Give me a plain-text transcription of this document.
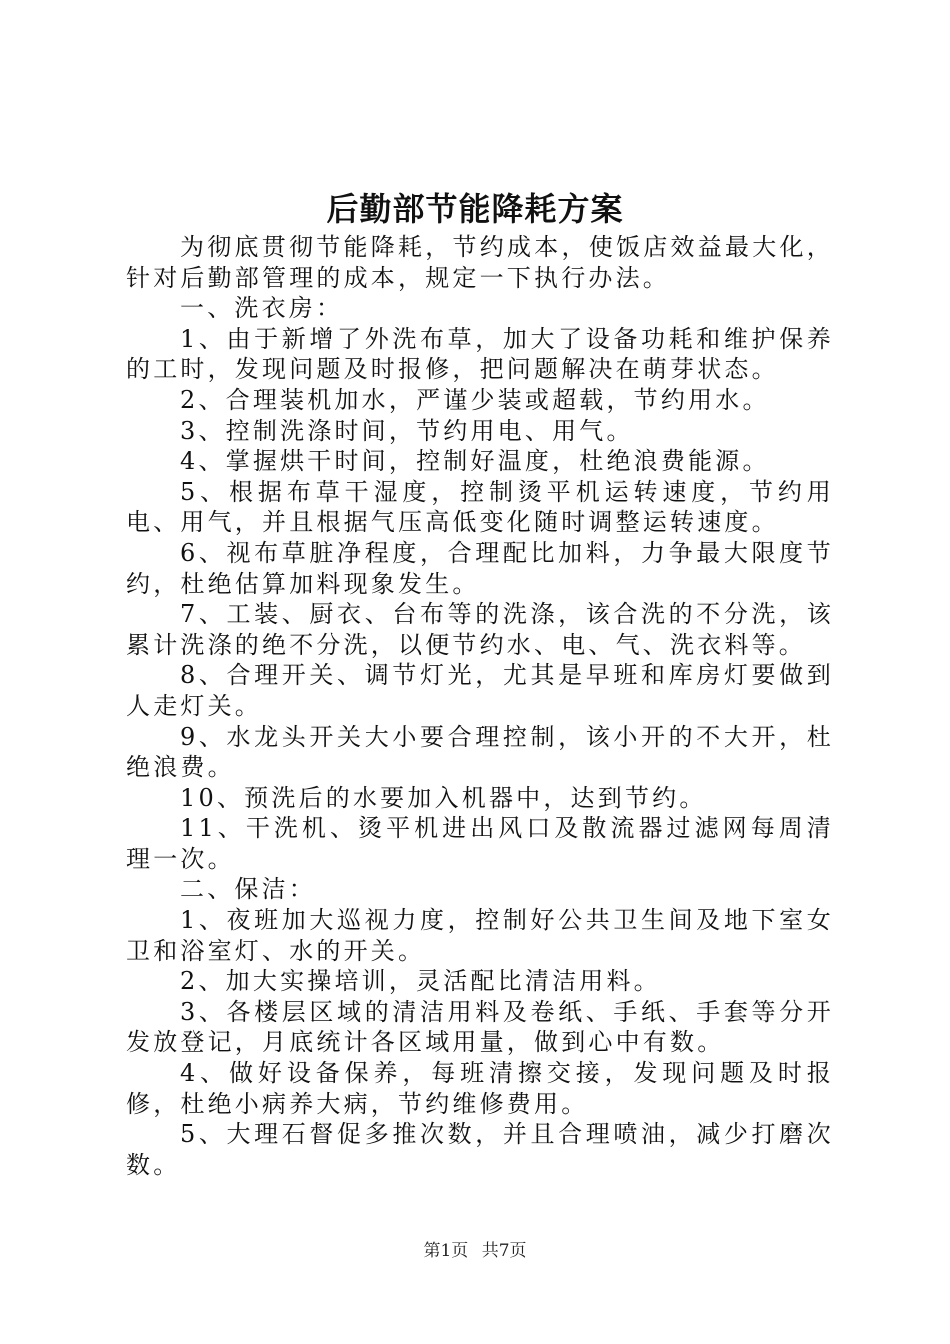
后勤部节能降耗方案

为彻底贯彻节能降耗，节约成本，使饭店效益最大化，针对后勤部管理的成本，规定一下执行办法。

一、洗衣房：

1、由于新增了外洗布草，加大了设备功耗和维护保养的工时，发现问题及时报修，把问题解决在萌芽状态。

2、合理装机加水，严谨少装或超载，节约用水。

3、控制洗涤时间，节约用电、用气。

4、掌握烘干时间，控制好温度，杜绝浪费能源。

5、根据布草干湿度，控制烫平机运转速度，节约用电、用气，并且根据气压高低变化随时调整运转速度。

6、视布草脏净程度，合理配比加料，力争最大限度节约，杜绝估算加料现象发生。

7、工装、厨衣、台布等的洗涤，该合洗的不分洗，该累计洗涤的绝不分洗，以便节约水、电、气、洗衣料等。

8、合理开关、调节灯光，尤其是早班和库房灯要做到人走灯关。

9、水龙头开关大小要合理控制，该小开的不大开，杜绝浪费。

10、预洗后的水要加入机器中，达到节约。

11、干洗机、烫平机进出风口及散流器过滤网每周清理一次。

二、保洁：

1、夜班加大巡视力度，控制好公共卫生间及地下室女卫和浴室灯、水的开关。

2、加大实操培训，灵活配比清洁用料。

3、各楼层区域的清洁用料及卷纸、手纸、手套等分开发放登记，月底统计各区域用量，做到心中有数。

4、做好设备保养，每班清擦交接，发现问题及时报修，杜绝小病养大病，节约维修费用。

5、大理石督促多推次数，并且合理喷油，减少打磨次数。

第1页 共7页
